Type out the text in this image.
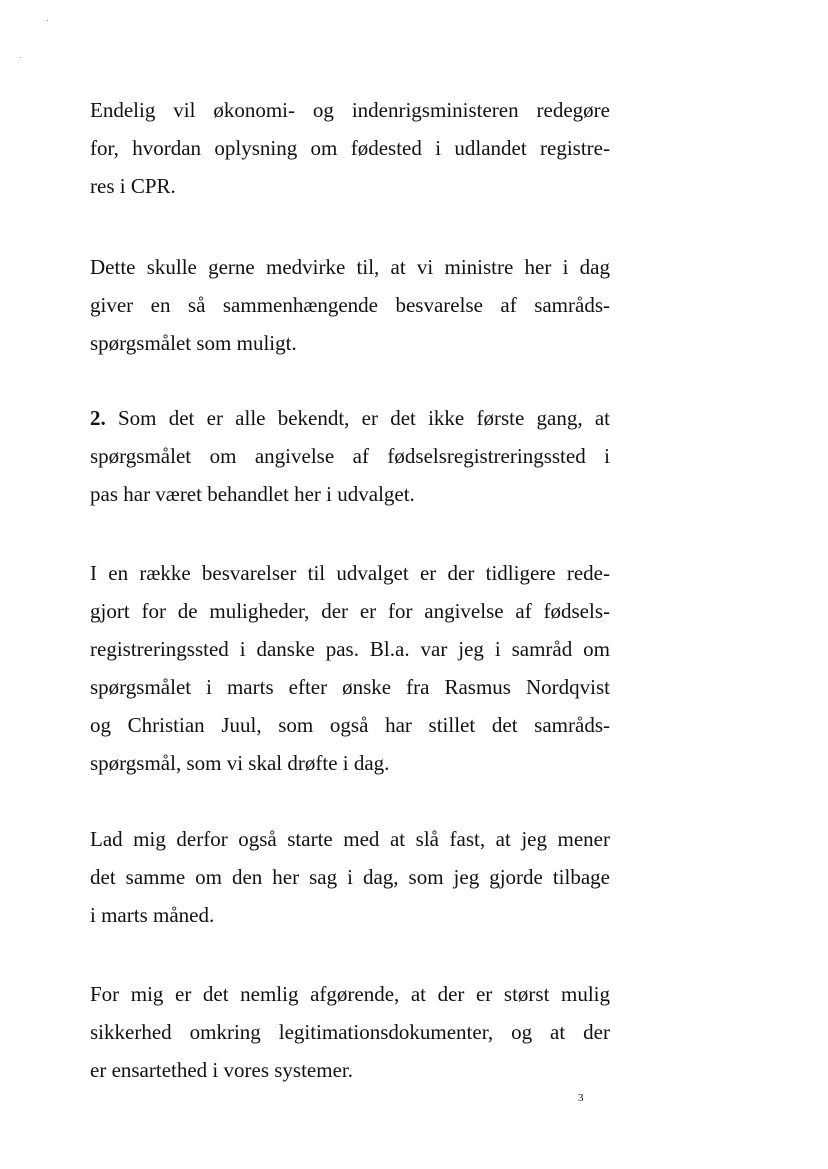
Endelig vil økonomi- og indenrigsministeren redegøre
for, hvordan oplysning om fødested i udlandet registre-
res i CPR.
Dette skulle gerne medvirke til, at vi ministre her i dag
giver en så sammenhængende besvarelse af samråds-
spørgsmålet som muligt.
2. Som det er alle bekendt, er det ikke første gang, at
spørgsmålet om angivelse af fødselsregistreringssted i
pas har været behandlet her i udvalget.
I en række besvarelser til udvalget er der tidligere rede-
gjort for de muligheder, der er for angivelse af fødsels-
registreringssted i danske pas. Bl.a. var jeg i samråd om
spørgsmålet i marts efter ønske fra Rasmus Nordqvist
og Christian Juul, som også har stillet det samråds-
spørgsmål, som vi skal drøfte i dag.
Lad mig derfor også starte med at slå fast, at jeg mener
det samme om den her sag i dag, som jeg gjorde tilbage
i marts måned.
For mig er det nemlig afgørende, at der er størst mulig
sikkerhed omkring legitimationsdokumenter, og at der
er ensartethed i vores systemer.
3
